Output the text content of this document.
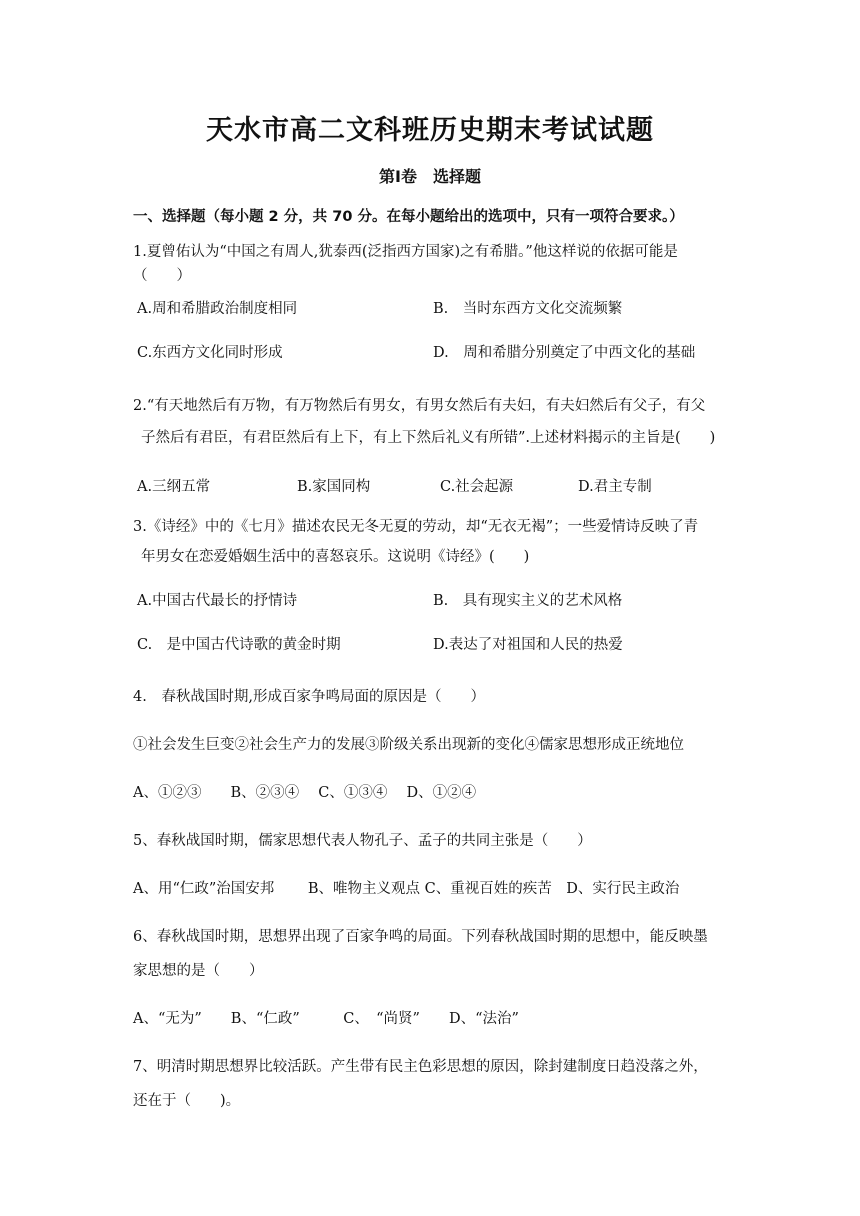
天水市高二文科班历史期末考试试题
第Ⅰ卷　选择题
一、选择题（每小题 2 分，共 70 分。在每小题给出的选项中，只有一项符合要求。）
1.夏曾佑认为“中国之有周人,犹泰西(泛指西方国家)之有希腊。”他这样说的依据可能是
（　　）
A.周和希腊政治制度相同	B.　当时东西方文化交流频繁
C.东西方文化同时形成	D.　周和希腊分别奠定了中西文化的基础
2.“有天地然后有万物，有万物然后有男女，有男女然后有夫妇，有夫妇然后有父子，有父
子然后有君臣，有君臣然后有上下，有上下然后礼义有所错”.上述材料揭示的主旨是(　　)
A.三纲五常	B.家国同构	C.社会起源	D.君主专制
3.《诗经》中的《七月》描述农民无冬无夏的劳动，却“无衣无褐”；一些爱情诗反映了青
年男女在恋爱婚姻生活中的喜怒哀乐。这说明《诗经》(　　)
A.中国古代最长的抒情诗	B.　具有现实主义的艺术风格
C.　是中国古代诗歌的黄金时期	D.表达了对祖国和人民的热爱
4.　春秋战国时期,形成百家争鸣局面的原因是（　　）
①社会发生巨变②社会生产力的发展③阶级关系出现新的变化④儒家思想形成正统地位
A、①②③　　B、②③④　 C、①③④　 D、①②④
5、春秋战国时期，儒家思想代表人物孔子、孟子的共同主张是（　　）
A、用“仁政”治国安邦　　 B、唯物主义观点 C、重视百姓的疾苦　D、实行民主政治
6、春秋战国时期，思想界出现了百家争鸣的局面。下列春秋战国时期的思想中，能反映墨
家思想的是（　　）
A、“无为”　　B、“仁政”　　　C、　“尚贤”　　D、“法治”
7、明清时期思想界比较活跃。产生带有民主色彩思想的原因，除封建制度日趋没落之外，
还在于（　　)。
